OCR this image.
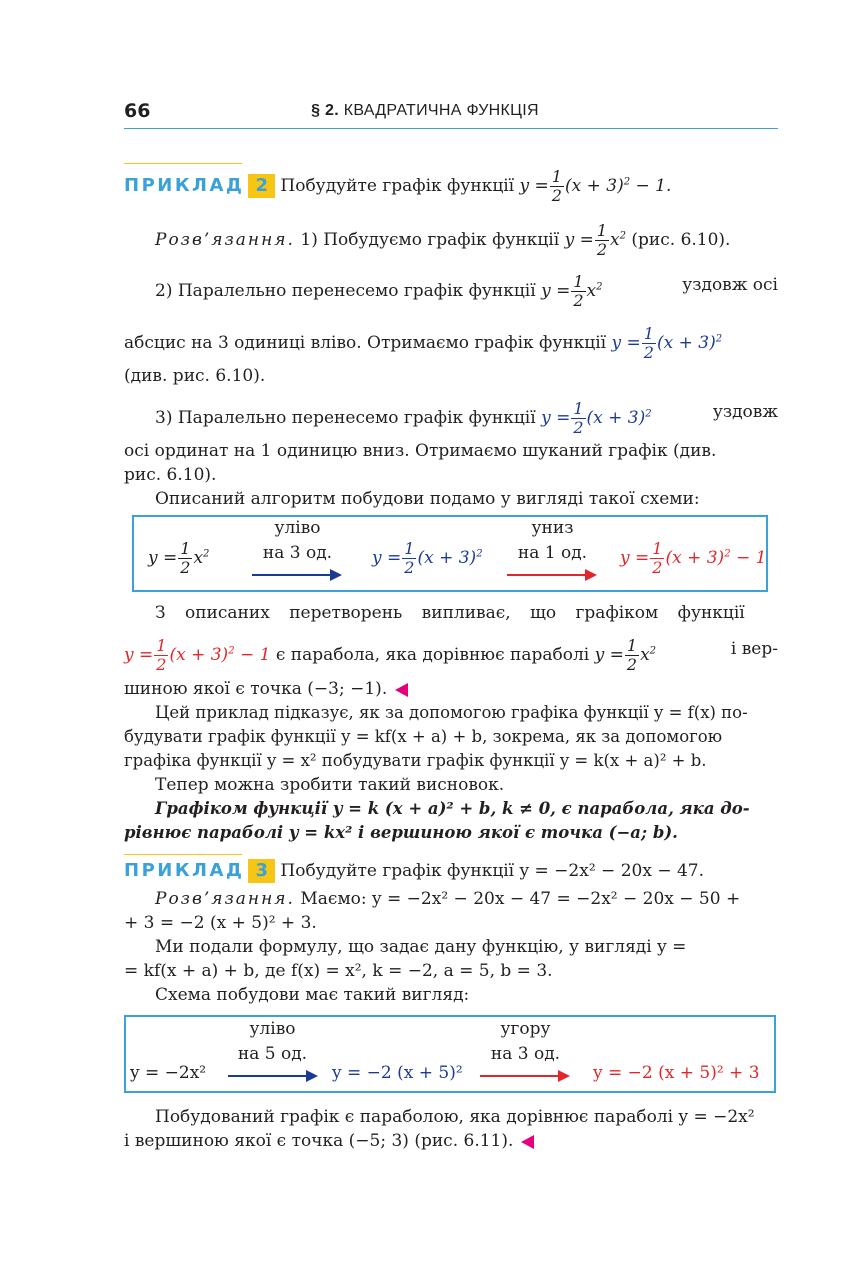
66	§ 2. КВАДРАТИЧНА ФУНКЦІЯ
ПРИКЛАД 2 Побудуйте графік функції $y = \frac{1}{2} (x + 3)^2 - 1$.
Розв’язання. 1) Побудуємо графік функції $y = \frac{1}{2} x^2$ (рис. 6.10).
2) Паралельно перенесемо графік функції $y = \frac{1}{2} x^2$	уздовж осі
абсцис на 3 одиниці вліво. Отримаємо графік функції $y = \frac{1}{2} (x + 3)^2$
(див. рис. 6.10).
3) Паралельно перенесемо графік функції $y = \frac{1}{2} (x + 3)^2$	уздовж
осі ординат на 1 одиницю вниз. Отримаємо шуканий графік (див.
рис. 6.10).
Описаний алгоритм побудови подамо у вигляді такої схеми:
$y = \frac{1}{2} x^2$
уліво
на 3 од.	$y = \frac{1}{2} (x + 3)^2$
униз
на 1 од.	$y = \frac{1}{2} (x + 3)^2 - 1$
З описаних перетворень випливає, що графіком функції
$y = \frac{1}{2} (x + 3)^2 - 1$ є парабола, яка дорівнює параболі $y = \frac{1}{2} x^2$	і вер-
шиною якої є точка (−3; −1).
Цей приклад підказує, як за допомогою графіка функції y = f(x) по-
будувати графік функції y = kf(x + a) + b, зокрема, як за допомогою
графіка функції y = x² побудувати графік функції y = k(x + a)² + b.
Тепер можна зробити такий висновок.
Графіком функції y = k (x + a)² + b, k ≠ 0, є парабола, яка до-
рівнює параболі y = kx² і вершиною якої є точка (−a; b).
ПРИКЛАД 3 Побудуйте графік функції y = −2x² − 20x − 47.
Розв’язання. Маємо: y = −2x² − 20x − 47 = −2x² − 20x − 50 +
+ 3 = −2 (x + 5)² + 3.
Ми подали формулу, що задає дану функцію, у вигляді y =
= kf(x + a) + b, де f(x) = x², k = −2, a = 5, b = 3.
Схема побудови має такий вигляд:
y = −2x²
уліво
на 5 од.
y = −2 (x + 5)²
угору
на 3 од.
y = −2 (x + 5)² + 3
Побудований графік є параболою, яка дорівнює параболі y = −2x²
і вершиною якої є точка (−5; 3) (рис. 6.11).
